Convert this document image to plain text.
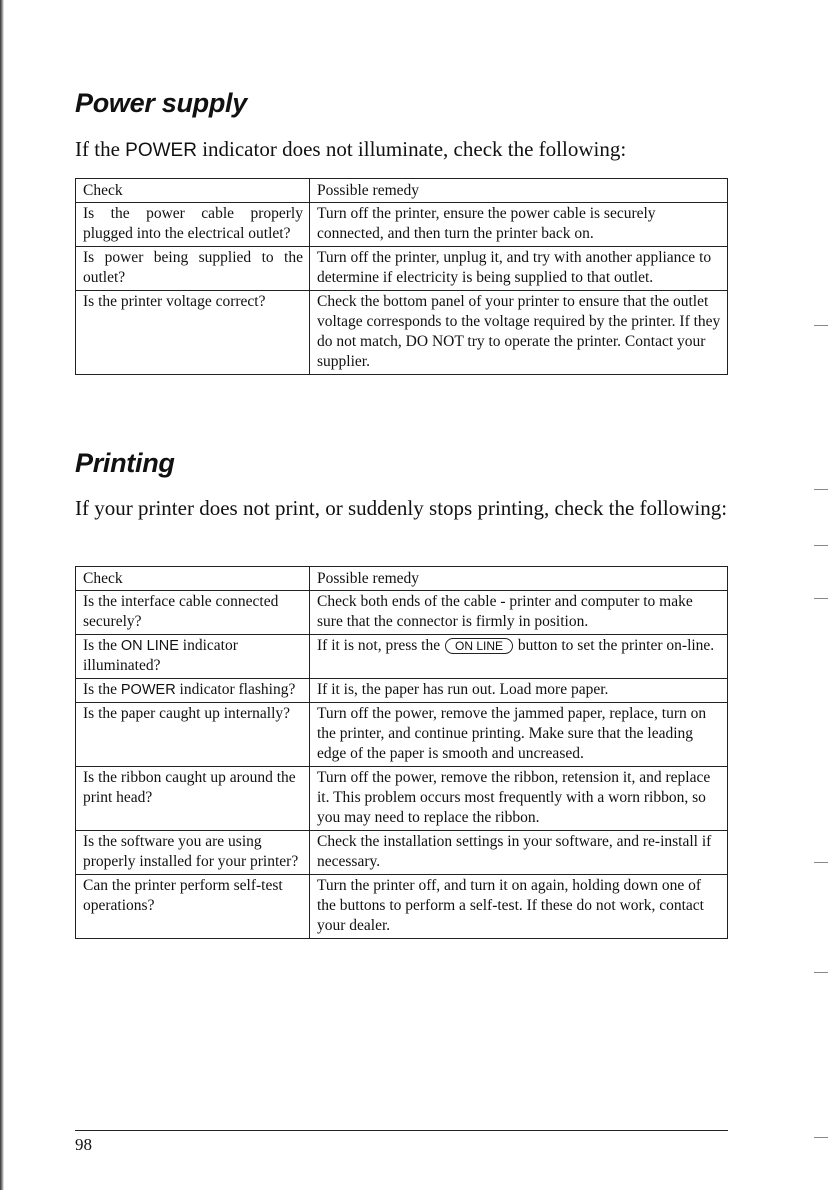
Power supply

If the POWER indicator does not illuminate, check the following:

Check	Possible remedy
Is the power cable properly plugged into the electrical outlet?	Turn off the printer, ensure the power cable is securely connected, and then turn the printer back on.
Is power being supplied to the outlet?	Turn off the printer, unplug it, and try with another appliance to determine if electricity is being supplied to that outlet.
Is the printer voltage correct?	Check the bottom panel of your printer to ensure that the outlet voltage corresponds to the voltage required by the printer. If they do not match, DO NOT try to operate the printer. Contact your supplier.
Printing

If your printer does not print, or suddenly stops printing, check the following:

Check	Possible remedy
Is the interface cable connected securely?	Check both ends of the cable - printer and computer to make sure that the connector is firmly in position.
Is the ON LINE indicator illuminated?	If it is not, press the ON LINE button to set the printer on-line.
Is the POWER indicator flashing?	If it is, the paper has run out. Load more paper.
Is the paper caught up internally?	Turn off the power, remove the jammed paper, replace, turn on the printer, and continue printing. Make sure that the leading edge of the paper is smooth and uncreased.
Is the ribbon caught up around the print head?	Turn off the power, remove the ribbon, retension it, and replace it. This problem occurs most frequently with a worn ribbon, so you may need to replace the ribbon.
Is the software you are using properly installed for your printer?	Check the installation settings in your software, and re-install if necessary.
Can the printer perform self-test operations?	Turn the printer off, and turn it on again, holding down one of the buttons to perform a self-test. If these do not work, contact your dealer.
98
